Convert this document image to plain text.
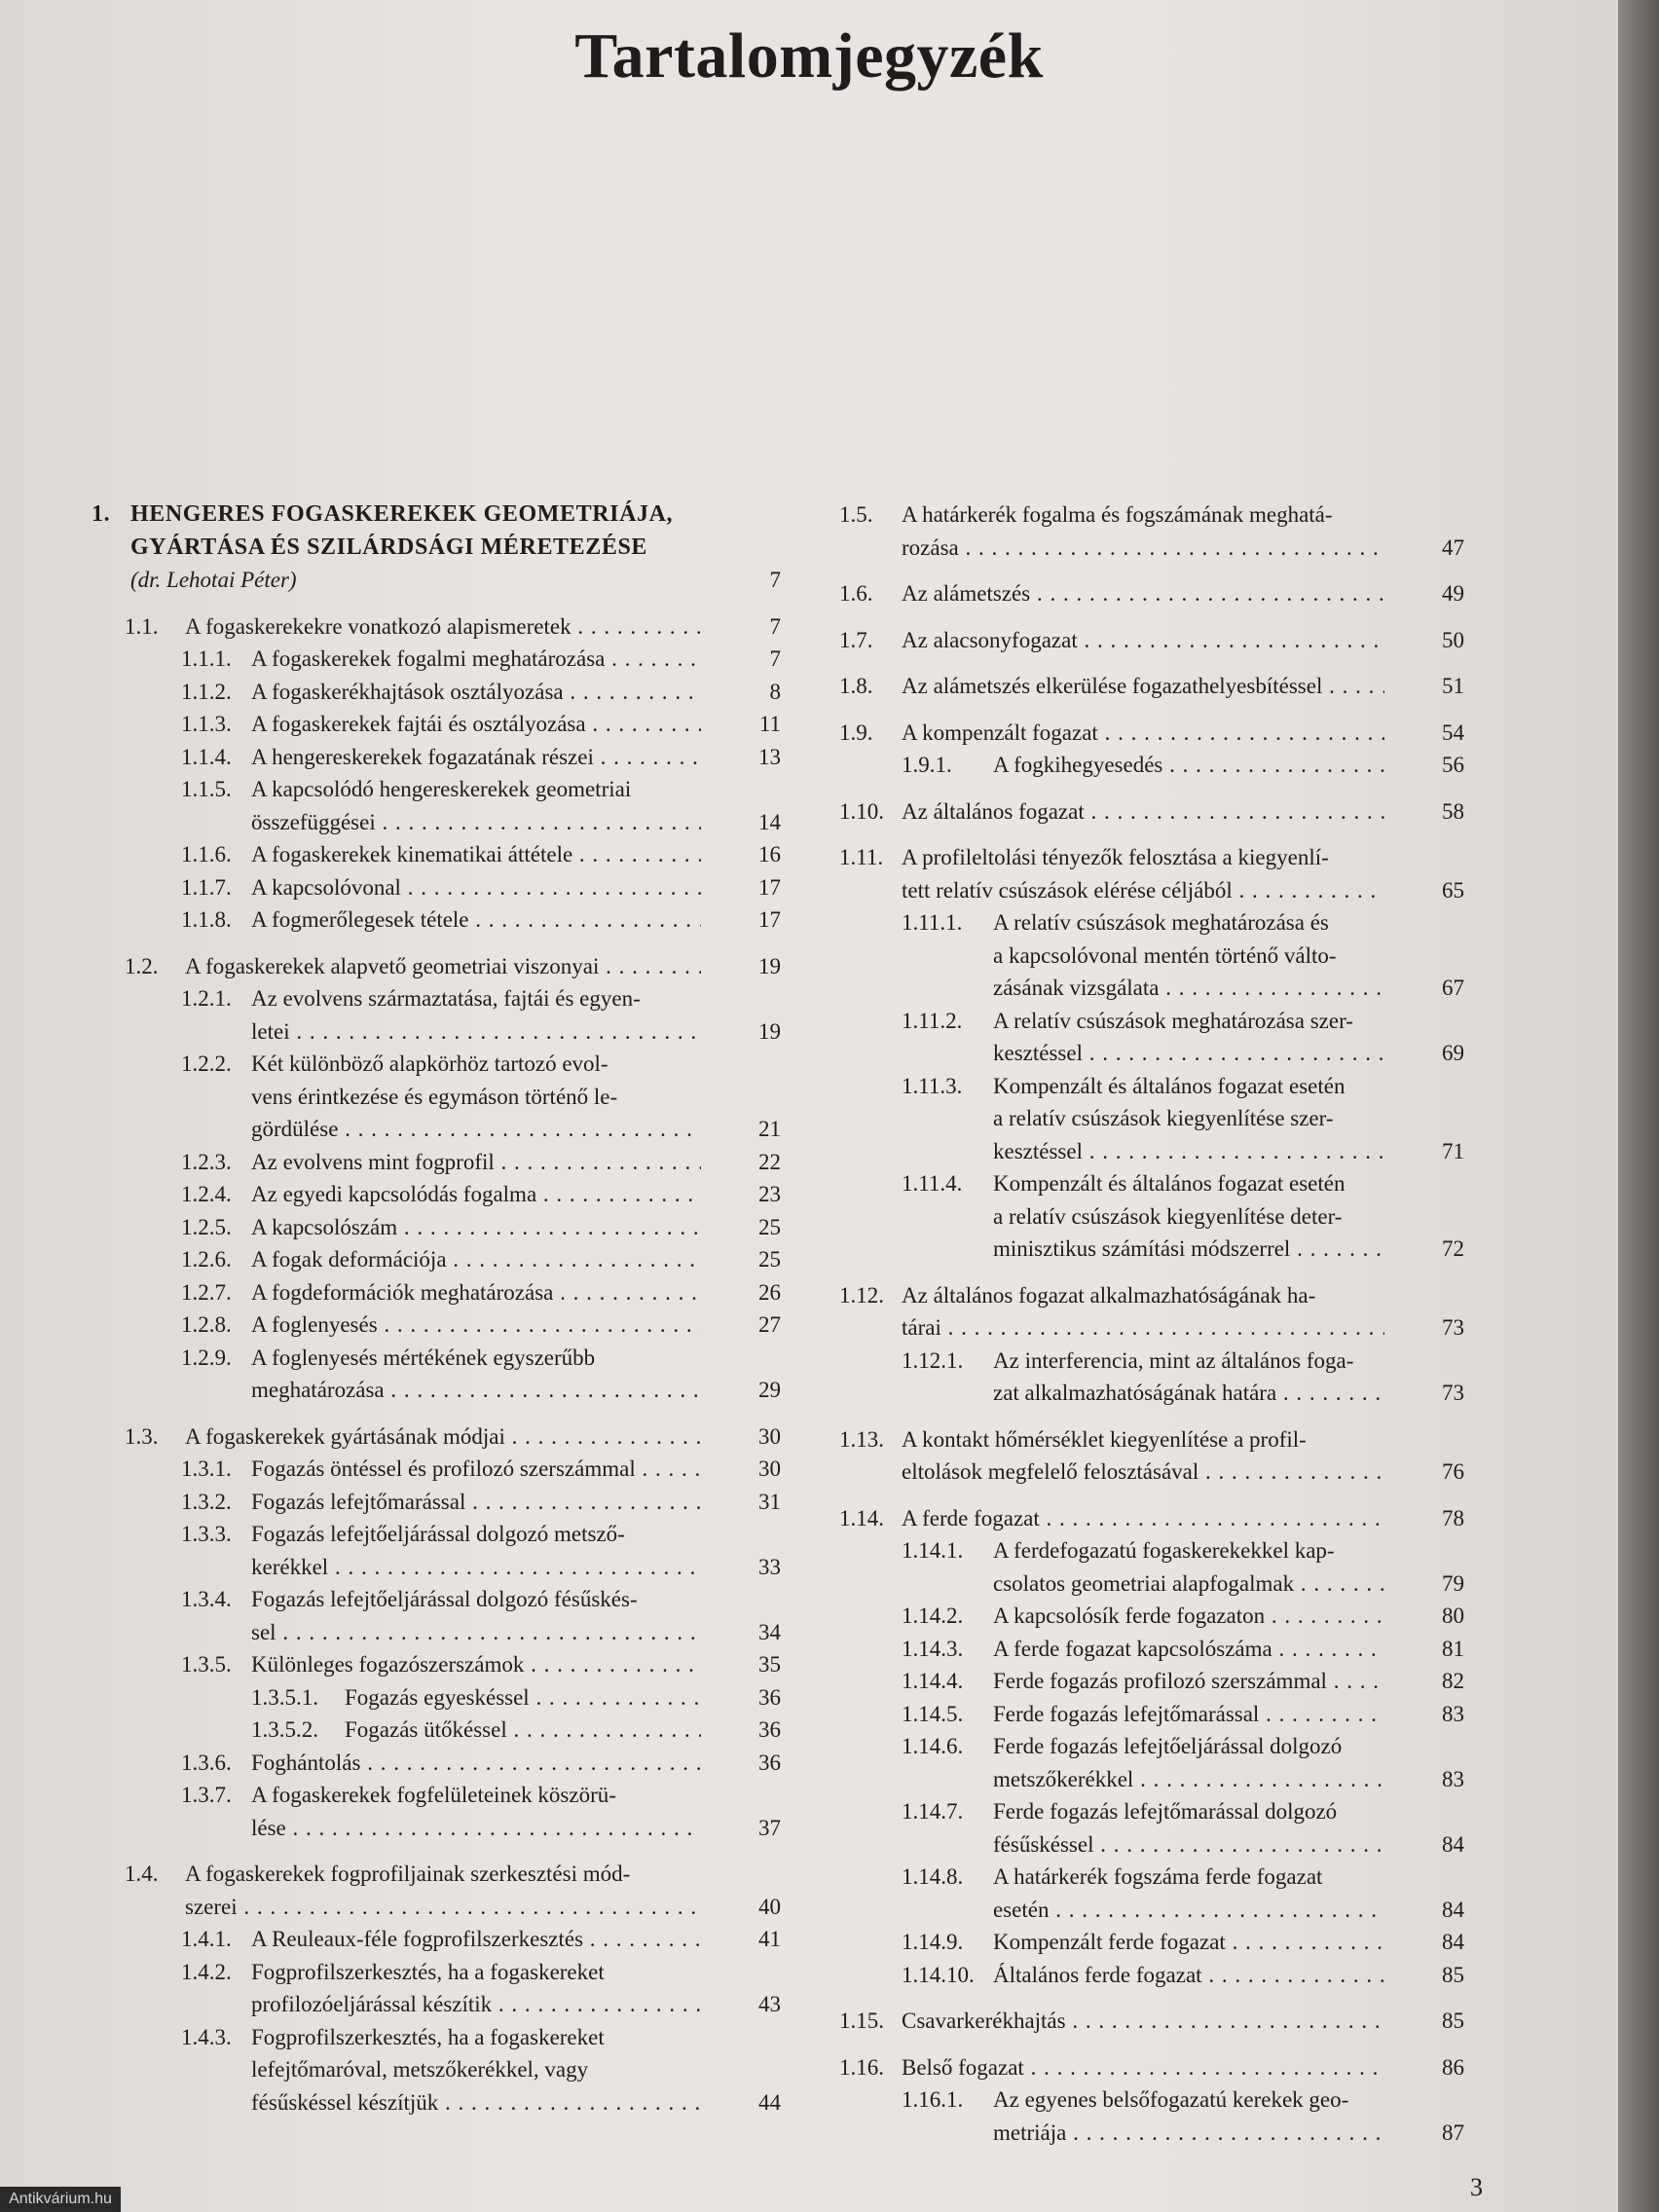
Tartalomjegyzék
1. HENGERES FOGASKEREKEK GEOMETRIÁJA,
GYÁRTÁSA ÉS SZILÁRDSÁGI MÉRETEZÉSE
(dr. Lehotai Péter)	7
1.1. A fogaskerekekre vonatkozó alapismeretek . . .	7
1.1.1. A fogaskerekek fogalmi meghatározása . . .	7
1.1.2. A fogaskerékhajtások osztályozása . . .	8
1.1.3. A fogaskerekek fajtái és osztályozása . . .	11
1.1.4. A hengereskerekek fogazatának részei . . .	13
1.1.5. A kapcsolódó hengereskerekek geometriai
összefüggései . . .	14
1.1.6. A fogaskerekek kinematikai áttétele . . .	16
1.1.7. A kapcsolóvonal . . .	17
1.1.8. A fogmerőlegesek tétele . . .	17
1.2. A fogaskerekek alapvető geometriai viszonyai . . .	19
1.2.1. Az evolvens származtatása, fajtái és egyen-
letei . . .	19
1.2.2. Két különböző alapkörhöz tartozó evol-
vens érintkezése és egymáson történő le-
gördülése . . .	21
1.2.3. Az evolvens mint fogprofil . . .	22
1.2.4. Az egyedi kapcsolódás fogalma . . .	23
1.2.5. A kapcsolószám . . .	25
1.2.6. A fogak deformációja . . .	25
1.2.7. A fogdeformációk meghatározása . . .	26
1.2.8. A foglenyesés . . .	27
1.2.9. A foglenyesés mértékének egyszerűbb
meghatározása . . .	29
1.3. A fogaskerekek gyártásának módjai . . .	30
1.3.1. Fogazás öntéssel és profilozó szerszámmal . . .	30
1.3.2. Fogazás lefejtőmarással . . .	31
1.3.3. Fogazás lefejtőeljárással dolgozó metsző-
kerékkel . . .	33
1.3.4. Fogazás lefejtőeljárással dolgozó fésűskés-
sel . . .	34
1.3.5. Különleges fogazószerszámok . . .	35
1.3.5.1. Fogazás egyeskéssel . . .	36
1.3.5.2. Fogazás ütőkéssel . . .	36
1.3.6. Foghántolás . . .	36
1.3.7. A fogaskerekek fogfelületeinek köszörü-
lése . . .	37
1.4. A fogaskerekek fogprofiljainak szerkesztési mód-
szerei . . .	40
1.4.1. A Reuleaux-féle fogprofilszerkesztés . . .	41
1.4.2. Fogprofilszerkesztés, ha a fogaskereket
profilozóeljárással készítik . . .	43
1.4.3. Fogprofilszerkesztés, ha a fogaskereket
lefejtőmaróval, metszőkerékkel, vagy
fésűskéssel készítjük . . .	44
1.5. A határkerék fogalma és fogszámának meghatá-
rozása . . .	47
1.6. Az alámetszés . . .	49
1.7. Az alacsonyfogazat . . .	50
1.8. Az alámetszés elkerülése fogazathelyesbítéssel . . .	51
1.9. A kompenzált fogazat . . .	54
1.9.1. A fogkihegyesedés . . .	56
1.10. Az általános fogazat . . .	58
1.11. A profileltolási tényezők felosztása a kiegyenlí-
tett relatív csúszások elérése céljából . . .	65
1.11.1. A relatív csúszások meghatározása és
a kapcsolóvonal mentén történő válto-
zásának vizsgálata . . .	67
1.11.2. A relatív csúszások meghatározása szer-
kesztéssel . . .	69
1.11.3. Kompenzált és általános fogazat esetén
a relatív csúszások kiegyenlítése szer-
kesztéssel . . .	71
1.11.4. Kompenzált és általános fogazat esetén
a relatív csúszások kiegyenlítése deter-
minisztikus számítási módszerrel . . .	72
1.12. Az általános fogazat alkalmazhatóságának ha-
tárai . . .	73
1.12.1. Az interferencia, mint az általános foga-
zat alkalmazhatóságának határa . . .	73
1.13. A kontakt hőmérséklet kiegyenlítése a profil-
eltolások megfelelő felosztásával . . .	76
1.14. A ferde fogazat . . .	78
1.14.1. A ferdefogazatú fogaskerekekkel kap-
csolatos geometriai alapfogalmak . . .	79
1.14.2. A kapcsolósík ferde fogazaton . . .	80
1.14.3. A ferde fogazat kapcsolószáma . . .	81
1.14.4. Ferde fogazás profilozó szerszámmal . . .	82
1.14.5. Ferde fogazás lefejtőmarással . . .	83
1.14.6. Ferde fogazás lefejtőeljárással dolgozó
metszőkerékkel . . .	83
1.14.7. Ferde fogazás lefejtőmarással dolgozó
fésűskéssel . . .	84
1.14.8. A határkerék fogszáma ferde fogazat
esetén . . .	84
1.14.9. Kompenzált ferde fogazat . . .	84
1.14.10. Általános ferde fogazat . . .	85
1.15. Csavarkerékhajtás . . .	85
1.16. Belső fogazat . . .	86
1.16.1. Az egyenes belsőfogazatú kerekek geo-
metriája . . .	87
3
Antikvárium.hu
